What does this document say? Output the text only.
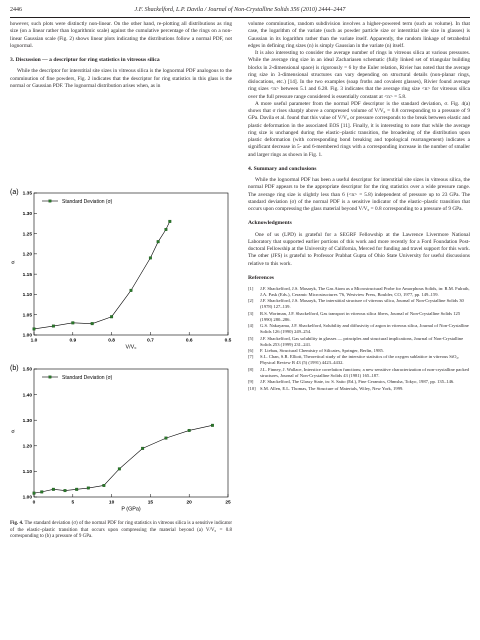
2446	J.F. Shackelford, L.P. Davila / Journal of Non-Crystalline Solids 356 (2010) 2444–2447

however, such plots were distinctly non-linear. On the other hand, re-plotting all distributions as ring size (on a linear rather than logarithmic scale) against the cumulative percentage of the rings on a non-linear Gaussian scale (Fig. 2) shows linear plots indicating the distributions follow a normal PDF, not lognormal.

3. Discussion — a descriptor for ring statistics in vitreous silica

While the descriptor for interstitial site sizes in vitreous silica is the lognormal PDF analogous to the comminution of fine powders, Fig. 2 indicates that the descriptor for ring statistics in this glass is the normal or Gaussian PDF. The lognormal distribution arises when, as in

(a)
1.0	0.9	0.8	0.7	0.6	0.5
1.00
1.05
1.10
1.15
1.20
1.25
1.30
1.35
V/V₀
σ
Standard Deviation (σ)
(b)
0	5	10	15	20	25
1.00
1.10
1.20
1.30
1.40
1.50
P (GPa)
σ
Standard Deviation (σ)
Fig. 4. The standard deviation (σ) of the normal PDF for ring statistics in vitreous silica is a sensitive indicator of the elastic–plastic transition that occurs upon compressing the material beyond (a) V/V₀ = 0.8 corresponding to (b) a pressure of 9 GPa.

volume comminution, random subdivision involves a higher-powered term (such as volume). In that case, the logarithm of the variate (such as powder particle size or interstitial site size in glasses) is Gaussian in its logarithm rather than the variate itself. Apparently, the random linkage of tetrahedral edges in defining ring sizes (n) is simply Gaussian in the variate (n) itself.

It is also interesting to consider the average number of rings in vitreous silica at various pressures. While the average ring size in an ideal Zachariasen schematic (fully linked set of triangular building blocks in 2-dimensional space) is rigorously = 6 by the Euler relation, Rivier has noted that the average ring size in 3-dimensional structures can vary depending on structural details (non-planar rings, dislocations, etc.) [14]. In the two examples (soap froths and covalent glasses), Rivier found average ring sizes <n> between 5.1 and 6.28. Fig. 3 indicates that the average ring size <n> for vitreous silica over the full pressure range considered is essentially constant at <n> = 5.8.

A more useful parameter from the normal PDF descriptor is the standard deviation, σ. Fig. 4(a) shows that σ rises sharply above a compressed volume of V/V₀ = 0.8 corresponding to a pressure of 9 GPa. Davila et al. found that this value of V/V₀ or pressure corresponds to the break between elastic and plastic deformation in the associated EOS [11]. Finally, it is interesting to note that while the average ring size is unchanged during the elastic–plastic transition, the broadening of the distribution upon plastic deformation (with corresponding bond breaking and topological rearrangement) indicates a significant decrease in 5- and 6-membered rings with a corresponding increase in the number of smaller and larger rings as shown in Fig. 1.

4. Summary and conclusions

While the lognormal PDF has been a useful descriptor for interstitial site sizes in vitreous silica, the normal PDF appears to be the appropriate descriptor for the ring statistics over a wide pressure range. The average ring size is slightly less than 6 (<n> = 5.8) independent of pressure up to 23 GPa. The standard deviation (σ) of the normal PDF is a sensitive indicator of the elastic–plastic transition that occurs upon compressing the glass material beyond V/V₀ = 0.8 corresponding to a pressure of 9 GPa.

Acknowledgments

One of us (LPD) is grateful for a SEGRF Fellowship at the Lawrence Livermore National Laboratory that supported earlier portions of this work and more recently for a Ford Foundation Post-doctoral Fellowship at the University of California, Merced for funding and travel support for this work. The other (JFS) is grateful to Professor Prabhat Gupta of Ohio State University for useful discussions relative to this work.

References
[1]	J.F. Shackelford, J.S. Masaryk, The Gas Atom as a Microstructural Probe for Amorphous Solids, in: R.M. Fulrath, J.A. Pask (Eds.), Ceramic Microstructures '76, Westview Press, Boulder, CO, 1977, pp. 149–159.
[2]	J.F. Shackelford, J.S. Masaryk, The interstitial structure of vitreous silica, Journal of Non-Crystalline Solids 30 (1978) 127–139.
[3]	R.S. Wortman, J.F. Shackelford, Gas transport in vitreous silica fibers, Journal of Non-Crystalline Solids 125 (1990) 280–286.
[4]	G.S. Nakayama, J.F. Shackelford, Solubility and diffusivity of argon in vitreous silica, Journal of Non-Crystalline Solids 126 (1990) 249–254.
[5]	J.F. Shackelford, Gas solubility in glasses — principles and structural implications, Journal of Non-Crystalline Solids 253 (1999) 231–241.
[6]	F. Liebau, Structural Chemistry of Silicates, Springer, Berlin, 1985.
[7]	S.L. Chan, S.R. Elliott, Theoretical study of the interstice statistics of the oxygen sublattice in vitreous SiO₂, Physical Review B 43 (5) (1991) 4423–4432.
[8]	J.L. Finney, J. Wallace, Interstice correlation functions; a new sensitive characterization of non-crystalline packed structures, Journal of Non-Crystalline Solids 43 (1981) 165–187.
[9]	J.F. Shackelford, The Glassy State, in: S. Saito (Ed.), Fine Ceramics, Ohmsha, Tokyo, 1987, pp. 135–146.
[10] S.M. Allen, E.L. Thomas, The Structure of Materials, Wiley, New York, 1999.
